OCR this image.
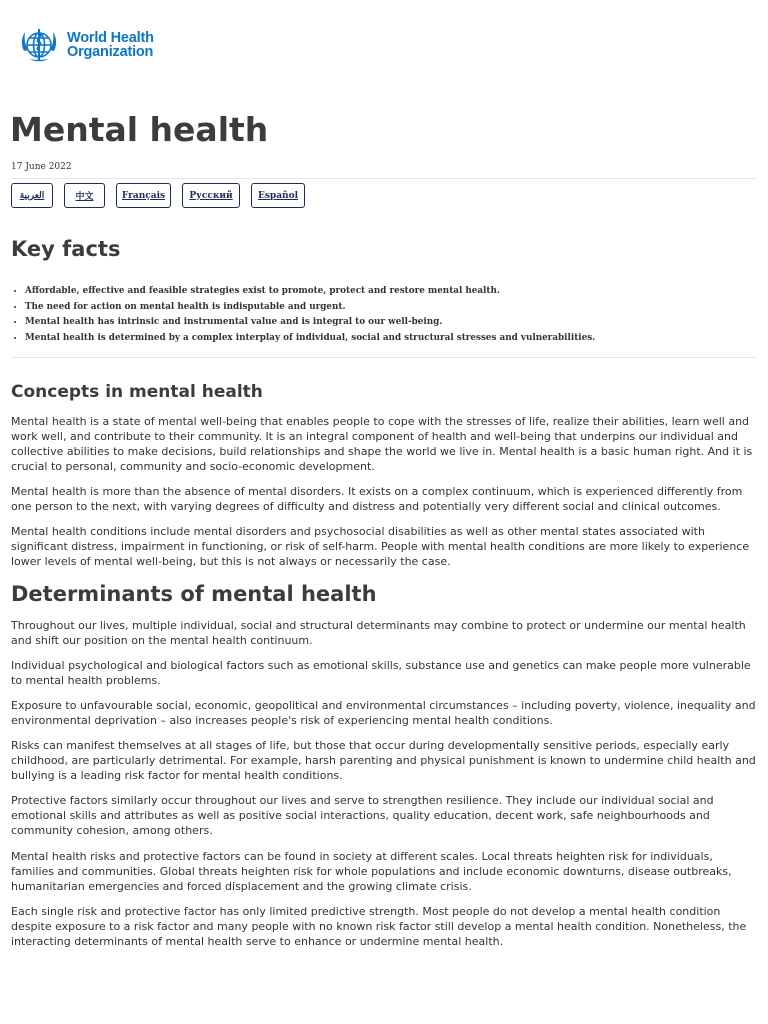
World Health
Organization
Mental health
17 June 2022
العربية	中文	Français	Русский	Español
Key facts
• Affordable, effective and feasible strategies exist to promote, protect and restore mental health.
• The need for action on mental health is indisputable and urgent.
• Mental health has intrinsic and instrumental value and is integral to our well-being.
• Mental health is determined by a complex interplay of individual, social and structural stresses and vulnerabilities.
Concepts in mental health

Mental health is a state of mental well-being that enables people to cope with the stresses of life, realize their abilities, learn well and work well, and contribute to their community. It is an integral component of health and well-being that underpins our individual and collective abilities to make decisions, build relationships and shape the world we live in. Mental health is a basic human right. And it is crucial to personal, community and socio-economic development.

Mental health is more than the absence of mental disorders. It exists on a complex continuum, which is experienced differently from one person to the next, with varying degrees of difficulty and distress and potentially very different social and clinical outcomes.

Mental health conditions include mental disorders and psychosocial disabilities as well as other mental states associated with significant distress, impairment in functioning, or risk of self-harm. People with mental health conditions are more likely to experience lower levels of mental well-being, but this is not always or necessarily the case.

Determinants of mental health

Throughout our lives, multiple individual, social and structural determinants may combine to protect or undermine our mental health and shift our position on the mental health continuum.

Individual psychological and biological factors such as emotional skills, substance use and genetics can make people more vulnerable to mental health problems.

Exposure to unfavourable social, economic, geopolitical and environmental circumstances – including poverty, violence, inequality and environmental deprivation – also increases people's risk of experiencing mental health conditions.

Risks can manifest themselves at all stages of life, but those that occur during developmentally sensitive periods, especially early childhood, are particularly detrimental. For example, harsh parenting and physical punishment is known to undermine child health and bullying is a leading risk factor for mental health conditions.

Protective factors similarly occur throughout our lives and serve to strengthen resilience. They include our individual social and emotional skills and attributes as well as positive social interactions, quality education, decent work, safe neighbourhoods and community cohesion, among others.

Mental health risks and protective factors can be found in society at different scales. Local threats heighten risk for individuals, families and communities. Global threats heighten risk for whole populations and include economic downturns, disease outbreaks, humanitarian emergencies and forced displacement and the growing climate crisis.

Each single risk and protective factor has only limited predictive strength. Most people do not develop a mental health condition despite exposure to a risk factor and many people with no known risk factor still develop a mental health condition. Nonetheless, the interacting determinants of mental health serve to enhance or undermine mental health.
